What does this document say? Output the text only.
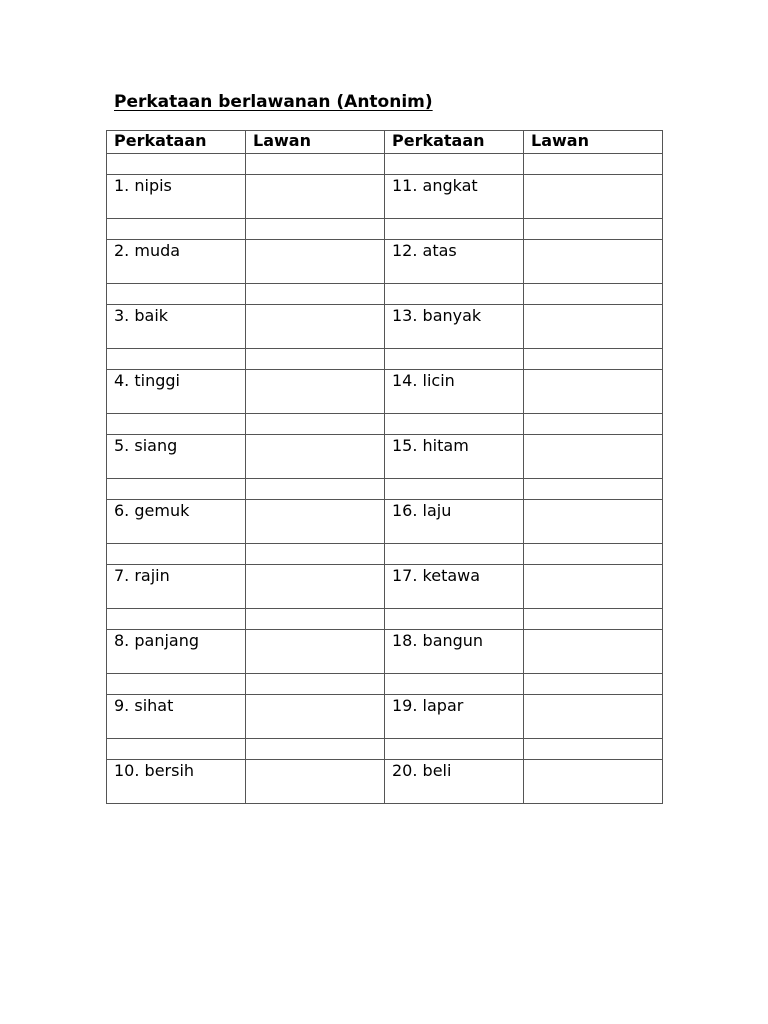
Perkataan berlawanan (Antonim)
Perkataan	Lawan	Perkataan	Lawan

1. nipis		11. angkat	

2. muda		12. atas	

3. baik		13. banyak	

4. tinggi		14. licin	

5. siang		15. hitam	

6. gemuk		16. laju	

7. rajin		17. ketawa	

8. panjang		18. bangun	

9. sihat		19. lapar	

10. bersih		20. beli	
